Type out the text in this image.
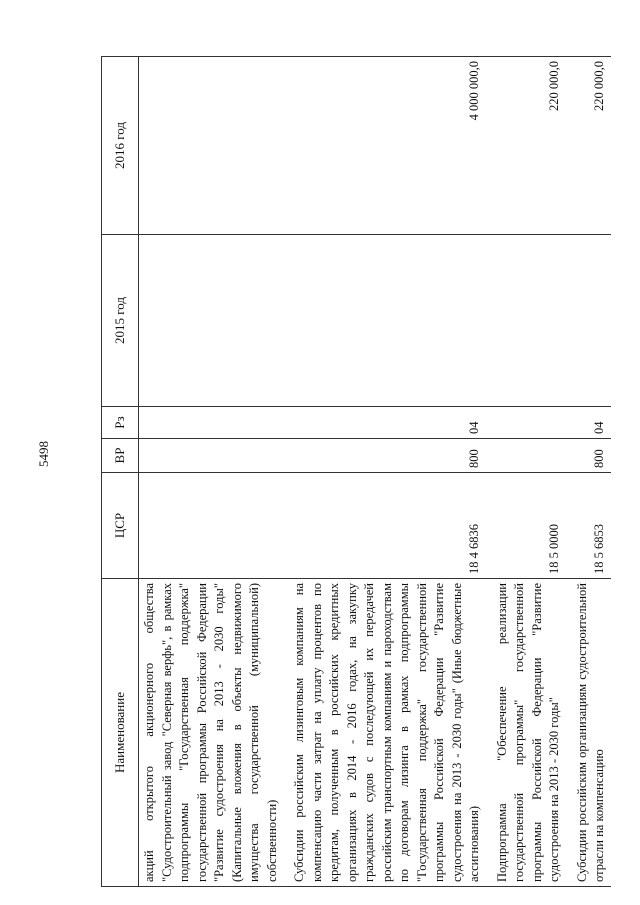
5498
Наименование	ЦСР	ВР	Рз	2015 год	2016 год
акций открытого акционерного общества "Судостроительный завод "Северная верфь", в рамках подпрограммы "Государственная поддержка" государственной программы Российской Федерации "Развитие судостроения на 2013 - 2030 годы" (Капитальные вложения в объекты недвижимого имущества государственной (муниципальной) собственности)					

Субсидии российским лизинговым компаниям на компенсацию части затрат на уплату процентов по кредитам, полученным в российских кредитных организациях в 2014 - 2016 годах, на закупку гражданских судов с последующей их передачей российским транспортным компаниям и пароходствам по договорам лизинга в рамках подпрограммы "Государственная поддержка" государственной программы Российской Федерации "Развитие судостроения на 2013 - 2030 годы" (Иные бюджетные ассигнования)	18 4 6836	800	04		4 000 000,0

Подпрограмма "Обеспечение реализации государственной программы" государственной программы Российской Федерации "Развитие судостроения на 2013 - 2030 годы"	18 5 0000				220 000,0

Субсидии российским организациям судостроительной отрасли на компенсацию	18 5 6853	800	04		220 000,0
